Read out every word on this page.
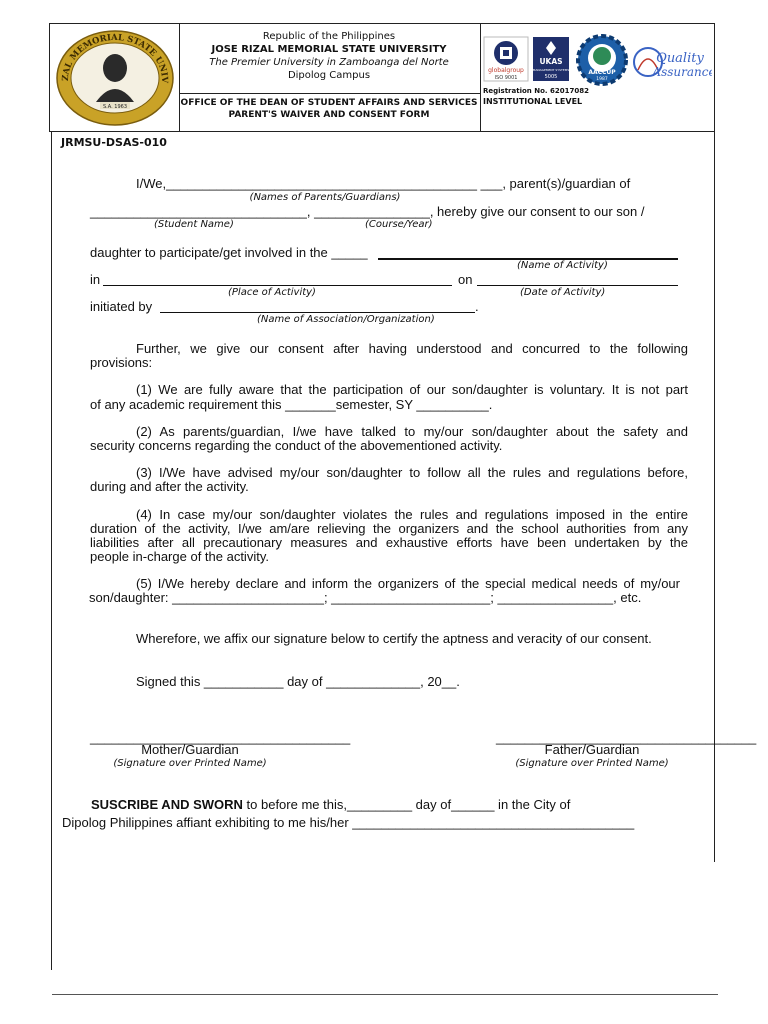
ZAL MEMORIAL STATE UNIV
S.A. 1963
Republic of the Philippines
JOSE RIZAL MEMORIAL STATE UNIVERSITY
The Premier University in Zamboanga del Norte
Dipolog Campus
OFFICE OF THE DEAN OF STUDENT AFFAIRS AND SERVICES
PARENT'S WAIVER AND CONSENT FORM
globalgroup
ISO 9001
UKAS
MANAGEMENT SYSTEMS
5005
AACCUP
1987
Quality
Assurance
Registration No. 62017082
INSTITUTIONAL LEVEL
JRMSU-DSAS-010
I/We,___________________________________________ ___, parent(s)/guardian of
(Names of Parents/Guardians)
______________________________, ________________, hereby give our consent to our son /
(Student Name)	(Course/Year)
daughter to participate/get involved in the _____
(Name of Activity)
in	on
(Place of Activity)	(Date of Activity)
initiated by	.
(Name of Association/Organization)
Further, we give our consent after having understood and concurred to the following
provisions:
(1) We are fully aware that the participation of our son/daughter is voluntary. It is not part
of any academic requirement this _______semester, SY __________.
(2) As parents/guardian, I/we have talked to my/our son/daughter about the safety and
security concerns regarding the conduct of the abovementioned activity.
(3) I/We have advised my/our son/daughter to follow all the rules and regulations before,
during and after the activity.
(4) In case my/our son/daughter violates the rules and regulations imposed in the entire
duration of the activity, I/we am/are relieving the organizers and the school authorities from any
liabilities after all precautionary measures and exhaustive efforts have been undertaken by the
people in-charge of the activity.
(5) I/We hereby declare and inform the organizers of the special medical needs of my/our
son/daughter: _____________________; ______________________; ________________, etc.
Wherefore, we affix our signature below to certify the aptness and veracity of our consent.
Signed this ___________ day of _____________, 20__.
____________________________________
Mother/Guardian
(Signature over Printed Name)
____________________________________
Father/Guardian
(Signature over Printed Name)
SUSCRIBE AND SWORN to before me this,_________ day of______ in the City of
Dipolog Philippines affiant exhibiting to me his/her _______________________________________
